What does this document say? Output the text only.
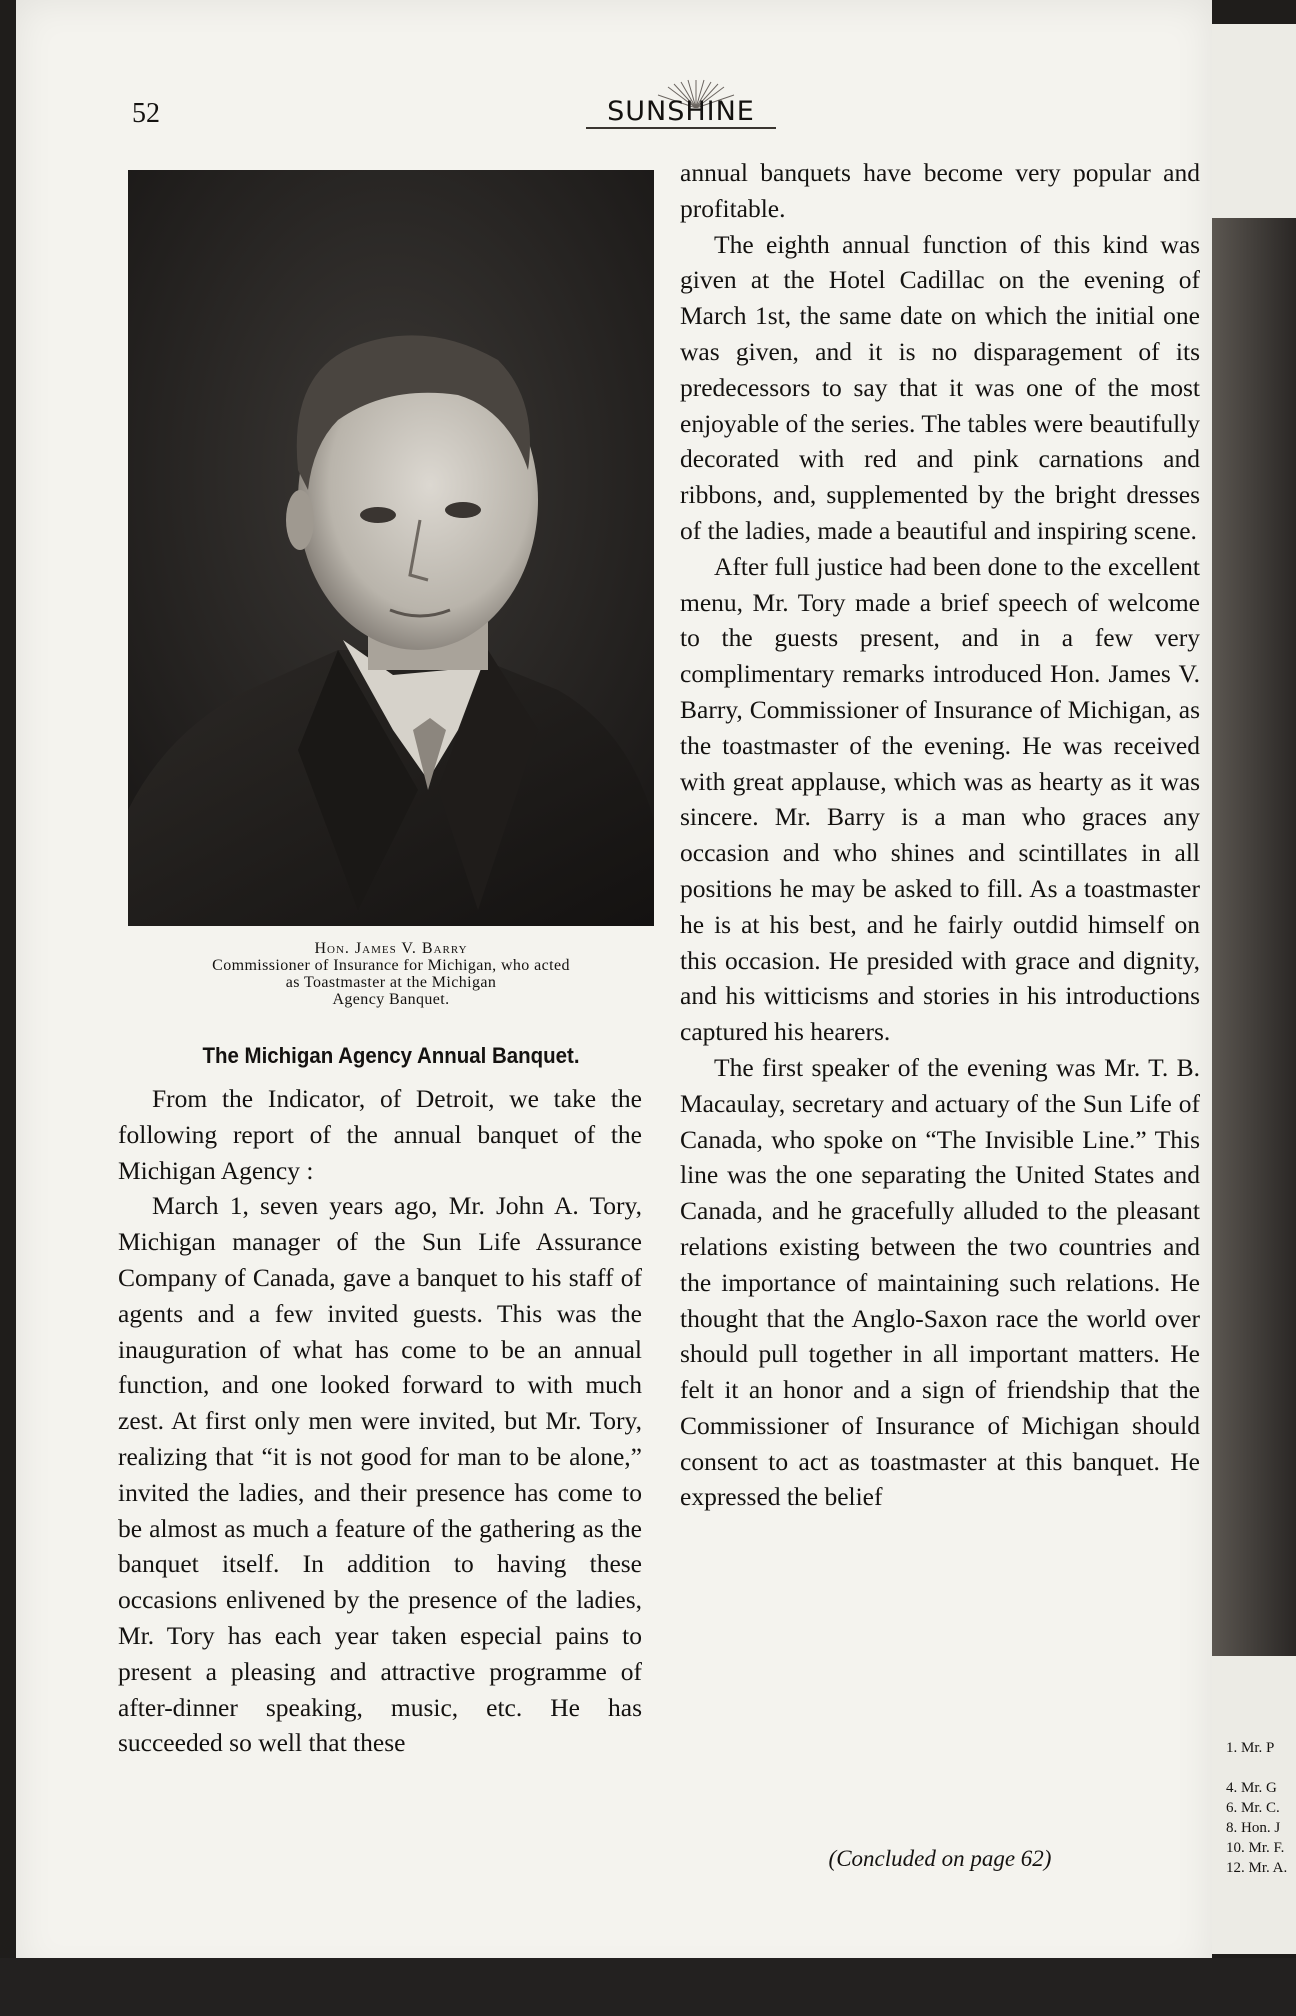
52	SUNSHINE
Hon. James V. Barry
Commissioner of Insurance for Michigan, who acted
as Toastmaster at the Michigan
Agency Banquet.
The Michigan Agency Annual Banquet.

From the Indicator, of Detroit, we take the following report of the annual banquet of the Michigan Agency :

March 1, seven years ago, Mr. John A. Tory, Michigan manager of the Sun Life Assurance Company of Canada, gave a banquet to his staff of agents and a few invited guests. This was the inauguration of what has come to be an annual function, and one looked forward to with much zest. At first only men were invited, but Mr. Tory, realizing that “it is not good for man to be alone,” invited the ladies, and their presence has come to be almost as much a feature of the gathering as the banquet itself. In addition to having these occasions enlivened by the presence of the ladies, Mr. Tory has each year taken especial pains to present a pleasing and attractive programme of after-dinner speaking, music, etc. He has succeeded so well that these

annual banquets have become very popular and profitable.

The eighth annual function of this kind was given at the Hotel Cadillac on the evening of March 1st, the same date on which the initial one was given, and it is no disparagement of its predecessors to say that it was one of the most enjoyable of the series. The tables were beautifully decorated with red and pink carnations and ribbons, and, supplemented by the bright dresses of the ladies, made a beautiful and inspiring scene.

After full justice had been done to the excellent menu, Mr. Tory made a brief speech of welcome to the guests present, and in a few very complimentary remarks introduced Hon. James V. Barry, Commissioner of Insurance of Michigan, as the toastmaster of the evening. He was received with great applause, which was as hearty as it was sincere. Mr. Barry is a man who graces any occasion and who shines and scintillates in all positions he may be asked to fill. As a toastmaster he is at his best, and he fairly outdid himself on this occasion. He presided with grace and dignity, and his witticisms and stories in his introductions captured his hearers.

The first speaker of the evening was Mr. T. B. Macaulay, secretary and actuary of the Sun Life of Canada, who spoke on “The Invisible Line.” This line was the one separating the United States and Canada, and he gracefully alluded to the pleasant relations existing between the two countries and the importance of maintaining such relations. He thought that the Anglo-Saxon race the world over should pull together in all important matters. He felt it an honor and a sign of friendship that the Commissioner of Insurance of Michigan should consent to act as toastmaster at this banquet. He expressed the belief

(Concluded on page 62)
1. Mr. P
4. Mr. G
6. Mr. C.
8. Hon. J
10. Mr. F.
12. Mr. A.
